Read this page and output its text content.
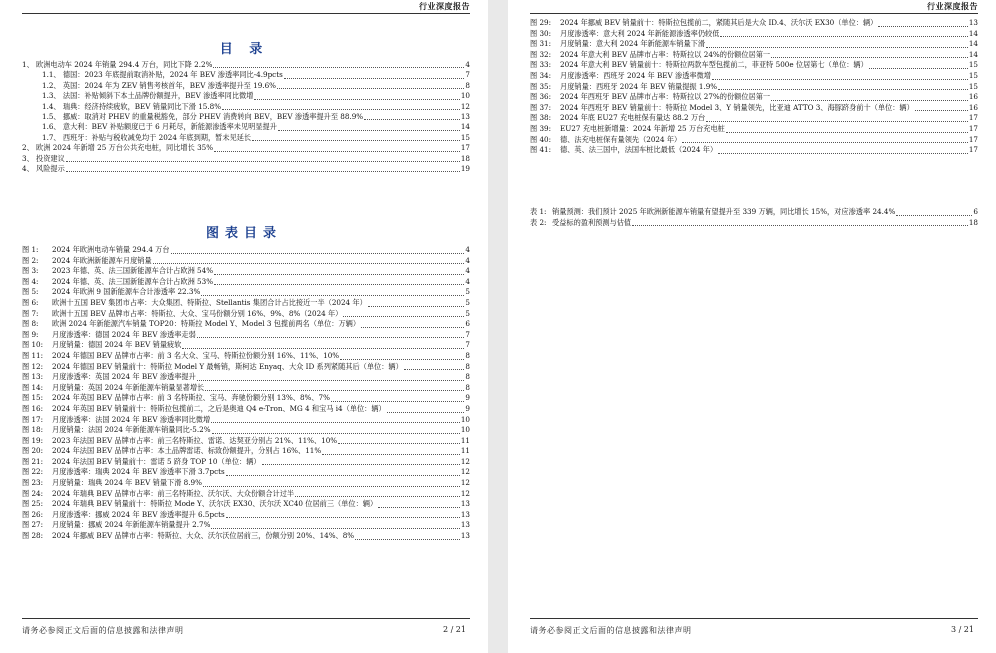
行业深度报告
目 录
1、 欧洲电动车 2024 年销量 294.4 万台，同比下降 2.2%	4
1.1、 德国：2023 年底提前取消补贴，2024 年 BEV 渗透率同比-4.9pcts	7
1.2、 英国：2024 年为 ZEV 销售考核首年，BEV 渗透率提升至 19.6%	8
1.3、 法国：补贴倾斜下本土品牌份额提升，BEV 渗透率同比微增	10
1.4、 瑞典：经济持续疲软，BEV 销量同比下滑 15.8%	12
1.5、 挪威：取消对 PHEV 的重量税豁免，部分 PHEV 消费转向 BEV，BEV 渗透率提升至 88.9%	13
1.6、 意大利：BEV 补贴额度已于 6 月耗尽，新能源渗透率未见明显提升	14
1.7、 西班牙：补贴与税收减免均于 2024 年底到期，暂未见延长	15
2、 欧洲 2024 年新增 25 万台公共充电桩，同比增长 35%	17
3、 投资建议	18
4、 风险提示	19
图表目录
图 1: 2024 年欧洲电动车销量 294.4 万台	4
图 2: 2024 年欧洲新能源车月度销量	4
图 3: 2023 年德、英、法三国新能源车合计占欧洲 54%	4
图 4: 2024 年德、英、法三国新能源车合计占欧洲 53%	4
图 5: 2024 年欧洲 9 国新能源车合计渗透率 22.3%	5
图 6: 欧洲十五国 BEV 集团市占率：大众集团、特斯拉、Stellantis 集团合计占比接近一半（2024 年）	5
图 7: 欧洲十五国 BEV 品牌市占率：特斯拉、大众、宝马份额分别 16%、9%、8%（2024 年）	5
图 8: 欧洲 2024 年新能源汽车销量 TOP20：特斯拉 Model Y、Model 3 包揽前两名（单位：万辆）	6
图 9: 月度渗透率：德国 2024 年 BEV 渗透率走弱	7
图 10: 月度销量：德国 2024 年 BEV 销量疲软	7
图 11: 2024 年德国 BEV 品牌市占率：前 3 名大众、宝马、特斯拉份额分别 16%、11%、10%	8
图 12: 2024 年德国 BEV 销量前十：特斯拉 Model Y 最畅销，斯柯达 Enyaq、大众 ID 系列紧随其后（单位：辆）	8
图 13: 月度渗透率：英国 2024 年 BEV 渗透率提升	8
图 14: 月度销量：英国 2024 年新能源车销量显著增长	8
图 15: 2024 年英国 BEV 品牌市占率：前 3 名特斯拉、宝马、奔驰份额分别 13%、8%、7%	9
图 16: 2024 年英国 BEV 销量前十：特斯拉包揽前二，之后是奥迪 Q4 e-Tron、MG 4 和宝马 i4（单位：辆）	9
图 17: 月度渗透率：法国 2024 年 BEV 渗透率同比微增	10
图 18: 月度销量：法国 2024 年新能源车销量同比-5.2%	10
图 19: 2023 年法国 BEV 品牌市占率：前三名特斯拉、雷诺、达契亚分别占 21%、11%、10%	11
图 20: 2024 年法国 BEV 品牌市占率：本土品牌雷诺、标致份额提升，分别占 16%、11%	11
图 21: 2024 年法国 BEV 销量前十：雷诺 5 跻身 TOP 10（单位：辆）	12
图 22: 月度渗透率：瑞典 2024 年 BEV 渗透率下滑 3.7pcts	12
图 23: 月度销量：瑞典 2024 年 BEV 销量下滑 8.9%	12
图 24: 2024 年瑞典 BEV 品牌市占率：前三名特斯拉、沃尔沃、大众份额合计过半	12
图 25: 2024 年瑞典 BEV 销量前十：特斯拉 Mode Y、沃尔沃 EX30、沃尔沃 XC40 位居前三（单位：辆）	13
图 26: 月度渗透率：挪威 2024 年 BEV 渗透率提升 6.5pcts	13
图 27: 月度销量：挪威 2024 年新能源车销量提升 2.7%	13
图 28: 2024 年挪威 BEV 品牌市占率：特斯拉、大众、沃尔沃位居前三，份额分别 20%、14%、8%	13
请务必参阅正文后面的信息披露和法律声明	2 / 21
行业深度报告
图 29: 2024 年挪威 BEV 销量前十：特斯拉包揽前二，紧随其后是大众 ID.4、沃尔沃 EX30（单位：辆）	13
图 30: 月度渗透率：意大利 2024 年新能源渗透率仍较低	14
图 31: 月度销量：意大利 2024 年新能源车销量下滑	14
图 32: 2024 年意大利 BEV 品牌市占率：特斯拉以 24%的份额位居第一	14
图 33: 2024 年意大利 BEV 销量前十：特斯拉两款车型包揽前二，菲亚特 500e 位居第七（单位：辆）	15
图 34: 月度渗透率：西班牙 2024 年 BEV 渗透率微增	15
图 35: 月度销量：西班牙 2024 年 BEV 销量提振 1.9%	15
图 36: 2024 年西班牙 BEV 品牌市占率：特斯拉以 27%的份额位居第一	16
图 37: 2024 年西班牙 BEV 销量前十：特斯拉 Model 3、Y 销量领先，比亚迪 ATTO 3、海豚跻身前十（单位：辆）	16
图 38: 2024 年底 EU27 充电桩保有量达 88.2 万台	17
图 39: EU27 充电桩新增量：2024 年新增 25 万台充电桩	17
图 40: 德、法充电桩保有量领先（2024 年）	17
图 41: 德、英、法三国中，法国车桩比最低（2024 年）	17
表 1: 销量预测：我们预计 2025 年欧洲新能源车销量有望提升至 339 万辆，同比增长 15%，对应渗透率 24.4%	6
表 2: 受益标的盈利预测与估值	18
请务必参阅正文后面的信息披露和法律声明	3 / 21
